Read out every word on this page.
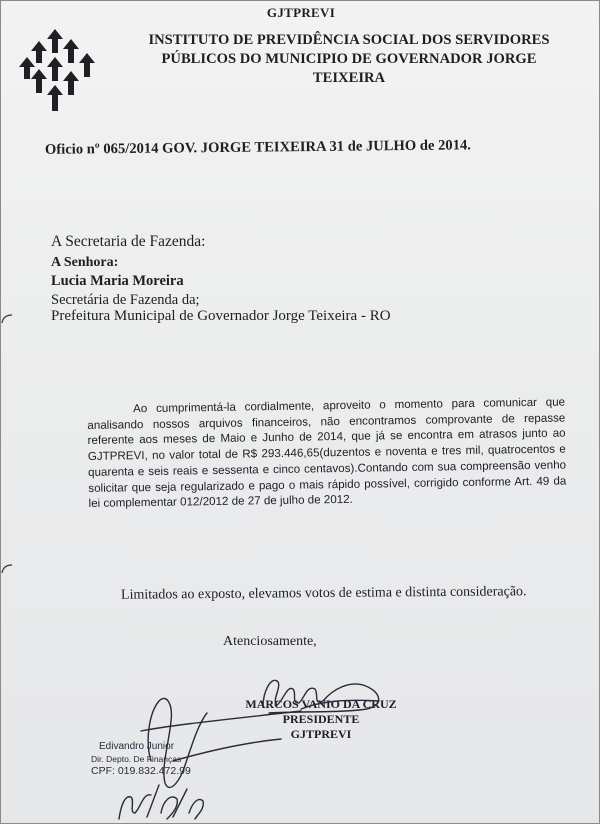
GJTPREVI
INSTITUTO DE PREVIDÊNCIA SOCIAL DOS SERVIDORES
PÚBLICOS DO MUNICIPIO DE GOVERNADOR JORGE
TEIXEIRA
Oficio nº 065/2014 GOV. JORGE TEIXEIRA 31 de JULHO de 2014.
A Secretaria de Fazenda:
A Senhora:
Lucia Maria Moreira
Secretária de Fazenda da;
Prefeitura Municipal de Governador Jorge Teixeira - RO
Ao cumprimentá-la cordialmente, aproveito o momento para comunicar que analisando nossos arquivos financeiros, não encontramos comprovante de repasse referente aos meses de Maio e Junho de 2014, que já se encontra em atrasos junto ao GJTPREVI, no valor total de R$ 293.446,65(duzentos e noventa e tres mil, quatrocentos e quarenta e seis reais e sessenta e cinco centavos).Contando com sua compreensão venho solicitar que seja regularizado e pago o mais rápido possível, corrigido conforme Art. 49 da lei complementar 012/2012 de 27 de julho de 2012.
Limitados ao exposto, elevamos votos de estima e distinta consideração.
Atenciosamente,
MARCOS VANIO DA CRUZ
PRESIDENTE
GJTPREVI
Edivandro Junior
Dir. Depto. De Finanças
CPF: 019.832.472.99
